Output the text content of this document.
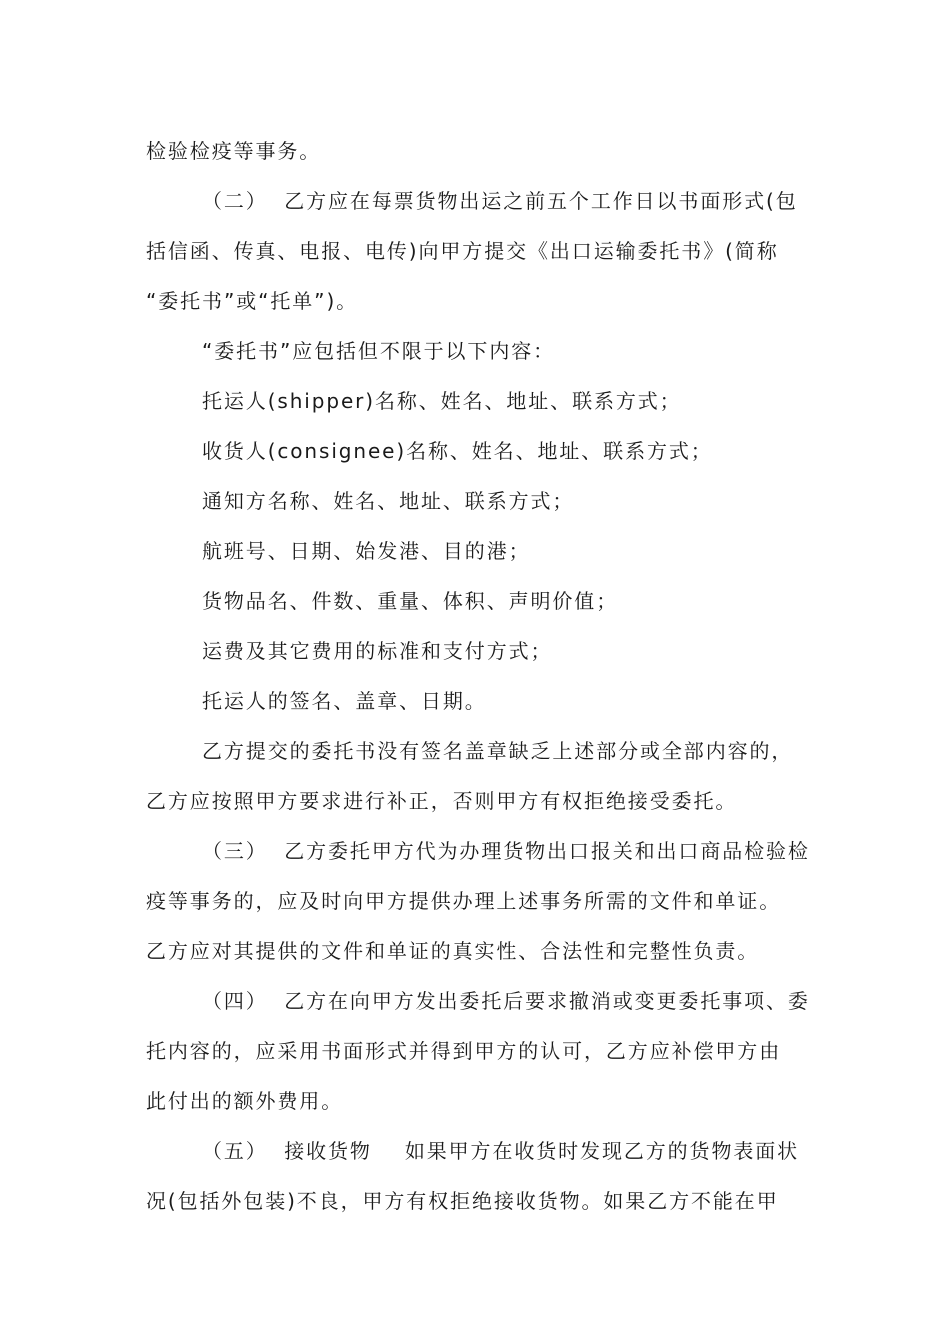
检验检疫等事务。
（二）  乙方应在每票货物出运之前五个工作日以书面形式(包
括信函、传真、电报、电传)向甲方提交《出口运输委托书》(简称
“委托书”或“托单”)。
“委托书”应包括但不限于以下内容：
托运人(shipper)名称、姓名、地址、联系方式；
收货人(consignee)名称、姓名、地址、联系方式；
通知方名称、姓名、地址、联系方式；
航班号、日期、始发港、目的港；
货物品名、件数、重量、体积、声明价值；
运费及其它费用的标准和支付方式；
托运人的签名、盖章、日期。
乙方提交的委托书没有签名盖章缺乏上述部分或全部内容的，
乙方应按照甲方要求进行补正，否则甲方有权拒绝接受委托。
（三）  乙方委托甲方代为办理货物出口报关和出口商品检验检
疫等事务的，应及时向甲方提供办理上述事务所需的文件和单证。
乙方应对其提供的文件和单证的真实性、合法性和完整性负责。
（四）  乙方在向甲方发出委托后要求撤消或变更委托事项、委
托内容的，应采用书面形式并得到甲方的认可，乙方应补偿甲方由
此付出的额外费用。
（五）  接收货物    如果甲方在收货时发现乙方的货物表面状
况(包括外包装)不良，甲方有权拒绝接收货物。如果乙方不能在甲
